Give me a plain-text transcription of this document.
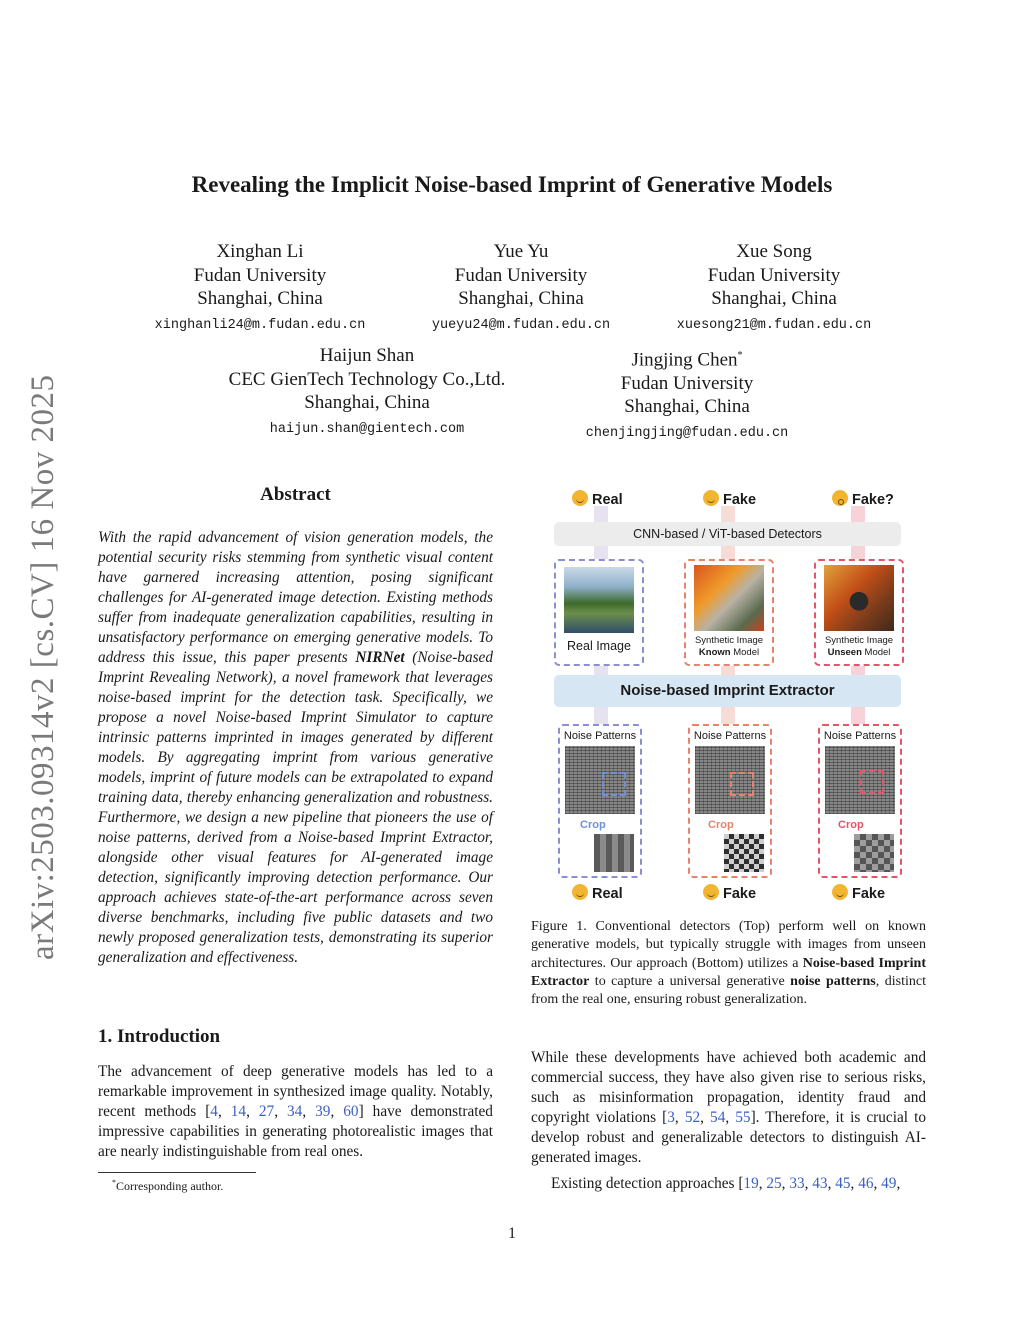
arXiv:2503.09314v2 [cs.CV] 16 Nov 2025
Revealing the Implicit Noise-based Imprint of Generative Models
Xinghan Li
Fudan University
Shanghai, China
xinghanli24@m.fudan.edu.cn
Yue Yu
Fudan University
Shanghai, China
yueyu24@m.fudan.edu.cn
Xue Song
Fudan University
Shanghai, China
xuesong21@m.fudan.edu.cn
Haijun Shan
CEC GienTech Technology Co.,Ltd.
Shanghai, China
haijun.shan@gientech.com
Jingjing Chen*
Fudan University
Shanghai, China
chenjingjing@fudan.edu.cn
Abstract
With the rapid advancement of vision generation models, the potential security risks stemming from synthetic visual content have garnered increasing attention, posing significant challenges for AI-generated image detection. Existing methods suffer from inadequate generalization capabilities, resulting in unsatisfactory performance on emerging generative models. To address this issue, this paper presents NIRNet (Noise-based Imprint Revealing Network), a novel framework that leverages noise-based imprint for the detection task. Specifically, we propose a novel Noise-based Imprint Simulator to capture intrinsic patterns imprinted in images generated by different models. By aggregating imprint from various generative models, imprint of future models can be extrapolated to expand training data, thereby enhancing generalization and robustness. Furthermore, we design a new pipeline that pioneers the use of noise patterns, derived from a Noise-based Imprint Extractor, alongside other visual features for AI-generated image detection, significantly improving detection performance. Our approach achieves state-of-the-art performance across seven diverse benchmarks, including five public datasets and two newly proposed generalization tests, demonstrating its superior generalization and effectiveness.
1. Introduction
The advancement of deep generative models has led to a remarkable improvement in synthesized image quality. Notably, recent methods [4, 14, 27, 34, 39, 60] have demonstrated impressive capabilities in generating photorealistic images that are nearly indistinguishable from real ones.
While these developments have achieved both academic and commercial success, they have also given rise to serious risks, such as misinformation propagation, identity fraud and copyright violations [3, 52, 54, 55]. Therefore, it is crucial to develop robust and generalizable detectors to distinguish AI-generated images.
Existing detection approaches [19, 25, 33, 43, 45, 46, 49,
*Corresponding author.
1
Real	Fake	Fake?
CNN-based / ViT-based Detectors
Real Image	Synthetic Image
Known Model
Synthetic Image
Unseen Model
Noise-based Imprint Extractor
Noise Patterns
Crop
Noise Patterns
Crop
Noise Patterns
Crop
Real	Fake	Fake
Figure 1. Conventional detectors (Top) perform well on known generative models, but typically struggle with images from unseen architectures. Our approach (Bottom) utilizes a Noise-based Imprint Extractor to capture a universal generative noise patterns, distinct from the real one, ensuring robust generalization.
